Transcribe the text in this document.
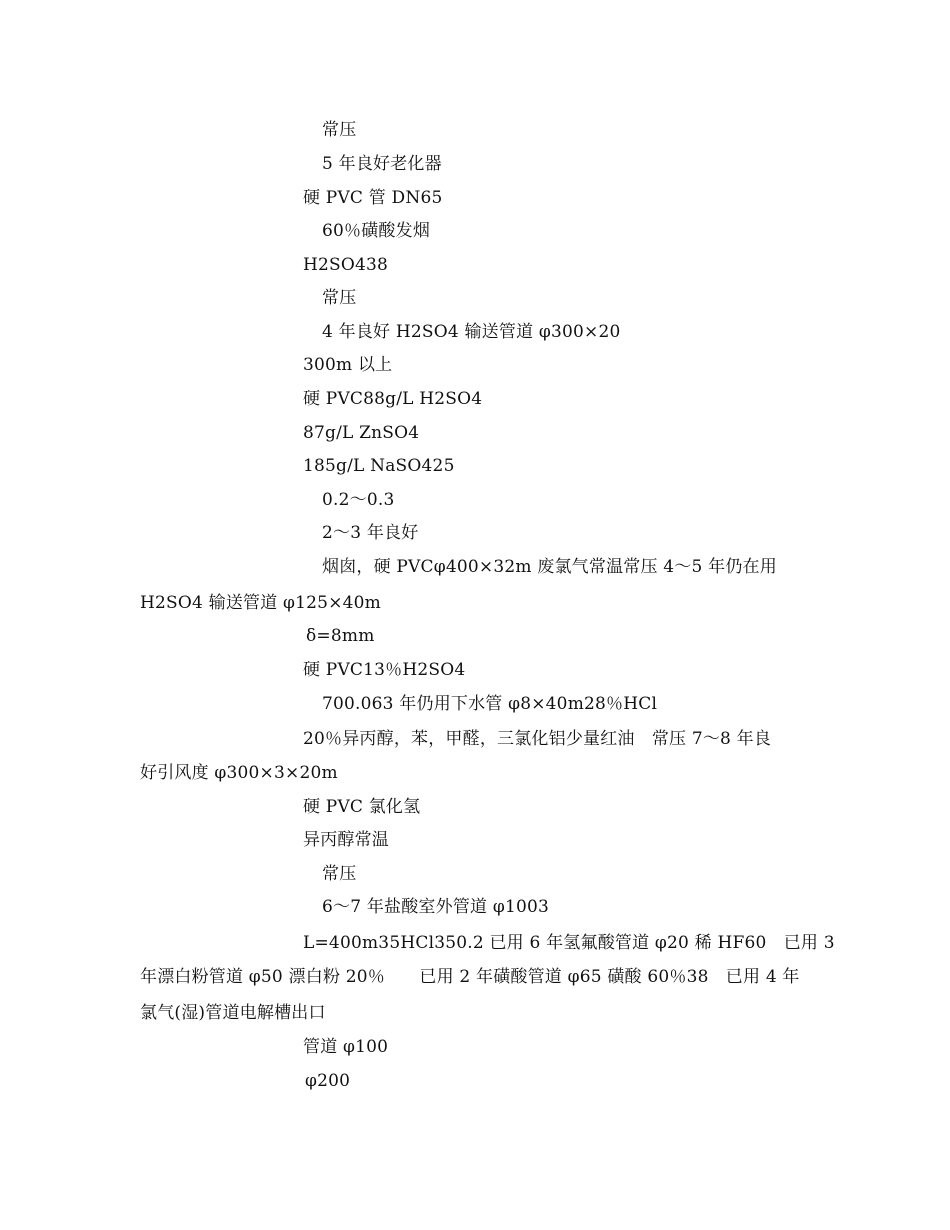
常压
5 年良好老化器
硬 PVC 管 DN65
60％磺酸发烟
H2SO438
常压
4 年良好 H2SO4 输送管道 φ300×20
300m 以上
硬 PVC88g/L H2SO4
87g/L ZnSO4
185g/L NaSO425
0.2～0.3
2～3 年良好
烟囱，硬 PVCφ400×32m 废氯气常温常压 4～5 年仍在用
H2SO4 输送管道 φ125×40m
δ=8mm
硬 PVC13％H2SO4
700.063 年仍用下水管 φ8×40m28％HCl
20％异丙醇，苯，甲醛，三氯化铝少量红油　常压 7～8 年良
好引风度 φ300×3×20m
硬 PVC 氯化氢
异丙醇常温
常压
6～7 年盐酸室外管道 φ1003
L=400m35HCl350.2 已用 6 年氢氟酸管道 φ20 稀 HF60　已用 3
年漂白粉管道 φ50 漂白粉 20％　　已用 2 年磺酸管道 φ65 磺酸 60％38　已用 4 年
氯气(湿)管道电解槽出口
管道 φ100
φ200
